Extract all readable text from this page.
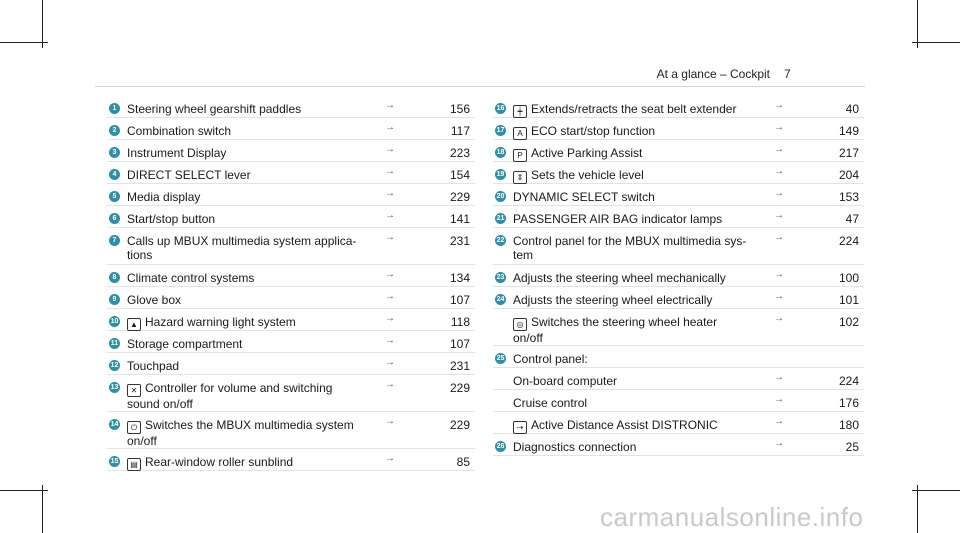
At a glance – Cockpit 7
1 Steering wheel gearshift paddles	→	156
2 Combination switch	→	117
3 Instrument Display	→	223
4 DIRECT SELECT lever	→	154
5 Media display	→	229
6 Start/stop button	→	141
7 Calls up MBUX multimedia system applica-
tions
→	231
8 Climate control systems	→	134
9 Glove box	→	107
10	▲ Hazard warning light system	→	118
11 Storage compartment	→	107
12 Touchpad	→	231
13	✕ Controller for volume and switching
sound on/off
→	229
14	⏻ Switches the MBUX multimedia system
on/off
→	229
15	▤ Rear-window roller sunblind	→	85
16	┿ Extends/retracts the seat belt extender	→	40
17	A ECO start/stop function	→	149
18	P Active Parking Assist	→	217
19	⇕ Sets the vehicle level	→	204
20 DYNAMIC SELECT switch	→	153
21 PASSENGER AIR BAG indicator lamps	→	47
22 Control panel for the MBUX multimedia sys-
tem
→	224
23 Adjusts the steering wheel mechanically	→	100
24 Adjusts the steering wheel electrically	→	101
◎ Switches the steering wheel heater
on/off
→	102
25 Control panel:
On-board computer	→	224
Cruise control	→	176
⇢ Active Distance Assist DISTRONIC	→	180
26 Diagnostics connection	→	25
carmanualsonline.info
